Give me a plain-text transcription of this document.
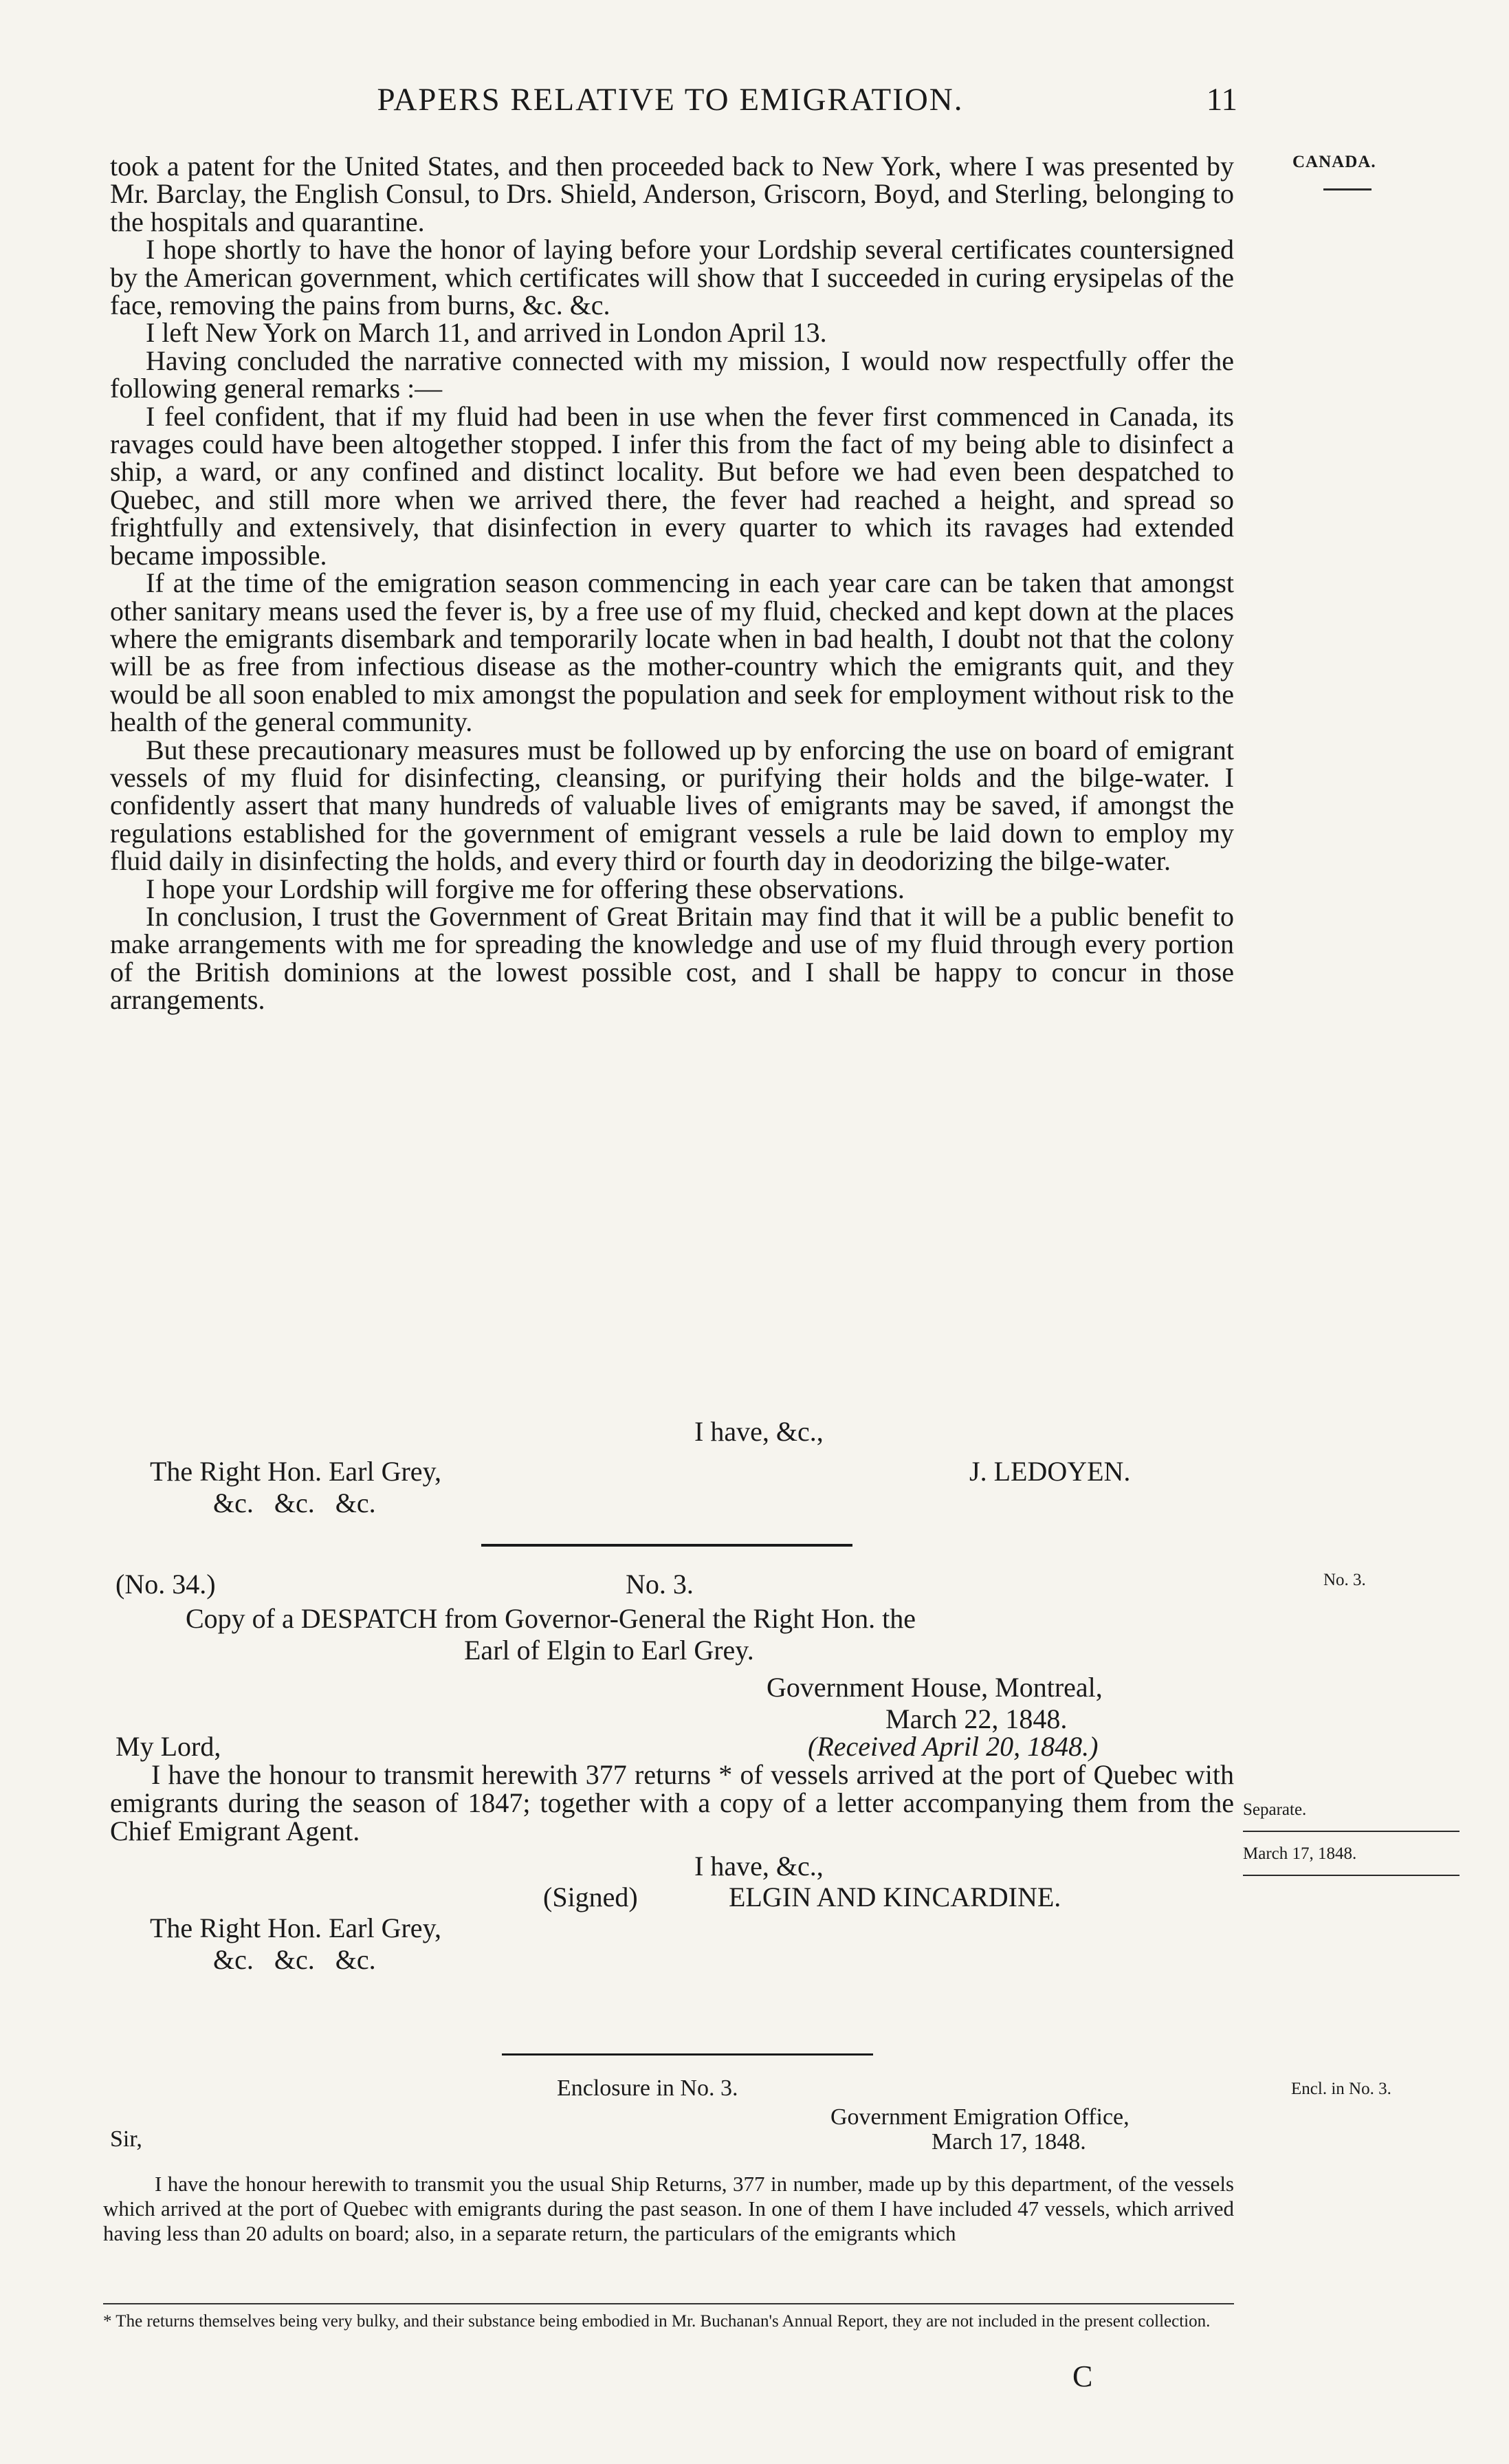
PAPERS RELATIVE TO EMIGRATION.	11
CANADA.
No. 3.
Separate.
March 17, 1848.
Encl. in No. 3.

took a patent for the United States, and then proceeded back to New York, where I was presented by Mr. Barclay, the English Consul, to Drs. Shield, Anderson, Griscorn, Boyd, and Sterling, belonging to the hospitals and quarantine.

I hope shortly to have the honor of laying before your Lordship several certificates countersigned by the American government, which certificates will show that I succeeded in curing erysipelas of the face, removing the pains from burns, &c. &c.

I left New York on March 11, and arrived in London April 13.

Having concluded the narrative connected with my mission, I would now respectfully offer the following general remarks :—

I feel confident, that if my fluid had been in use when the fever first commenced in Canada, its ravages could have been altogether stopped. I infer this from the fact of my being able to disinfect a ship, a ward, or any confined and distinct locality. But before we had even been despatched to Quebec, and still more when we arrived there, the fever had reached a height, and spread so frightfully and extensively, that disinfection in every quarter to which its ravages had extended became impossible.

If at the time of the emigration season commencing in each year care can be taken that amongst other sanitary means used the fever is, by a free use of my fluid, checked and kept down at the places where the emigrants disembark and temporarily locate when in bad health, I doubt not that the colony will be as free from infectious disease as the mother-country which the emigrants quit, and they would be all soon enabled to mix amongst the population and seek for employment without risk to the health of the general community.

But these precautionary measures must be followed up by enforcing the use on board of emigrant vessels of my fluid for disinfecting, cleansing, or purifying their holds and the bilge-water. I confidently assert that many hundreds of valuable lives of emigrants may be saved, if amongst the regulations established for the government of emigrant vessels a rule be laid down to employ my fluid daily in disinfecting the holds, and every third or fourth day in deodorizing the bilge-water.

I hope your Lordship will forgive me for offering these observations.

In conclusion, I trust the Government of Great Britain may find that it will be a public benefit to make arrangements with me for spreading the knowledge and use of my fluid through every portion of the British dominions at the lowest possible cost, and I shall be happy to concur in those arrangements.

I have, &c.,
The Right Hon. Earl Grey,	J. LEDOYEN.
&c.   &c.   &c.
(No. 34.)	No. 3.
Copy of a DESPATCH from Governor-General the Right Hon. the
Earl of Elgin to Earl Grey.
Government House, Montreal,
March 22, 1848.
My Lord,	(Received April 20, 1848.)
I have the honour to transmit herewith 377 returns * of vessels arrived at the port of Quebec with emigrants during the season of 1847; together with a copy of a letter accompanying them from the Chief Emigrant Agent.
I have, &c.,
(Signed)	ELGIN AND KINCARDINE.
The Right Hon. Earl Grey,
&c.   &c.   &c.
Enclosure in No. 3.
Government Emigration Office,
Sir,	March 17, 1848.

I have the honour herewith to transmit you the usual Ship Returns, 377 in number, made up by this department, of the vessels which arrived at the port of Quebec with emigrants during the past season. In one of them I have included 47 vessels, which arrived having less than 20 adults on board; also, in a separate return, the particulars of the emigrants which

* The returns themselves being very bulky, and their substance being embodied in Mr. Buchanan's Annual Report, they are not included in the present collection.
C
